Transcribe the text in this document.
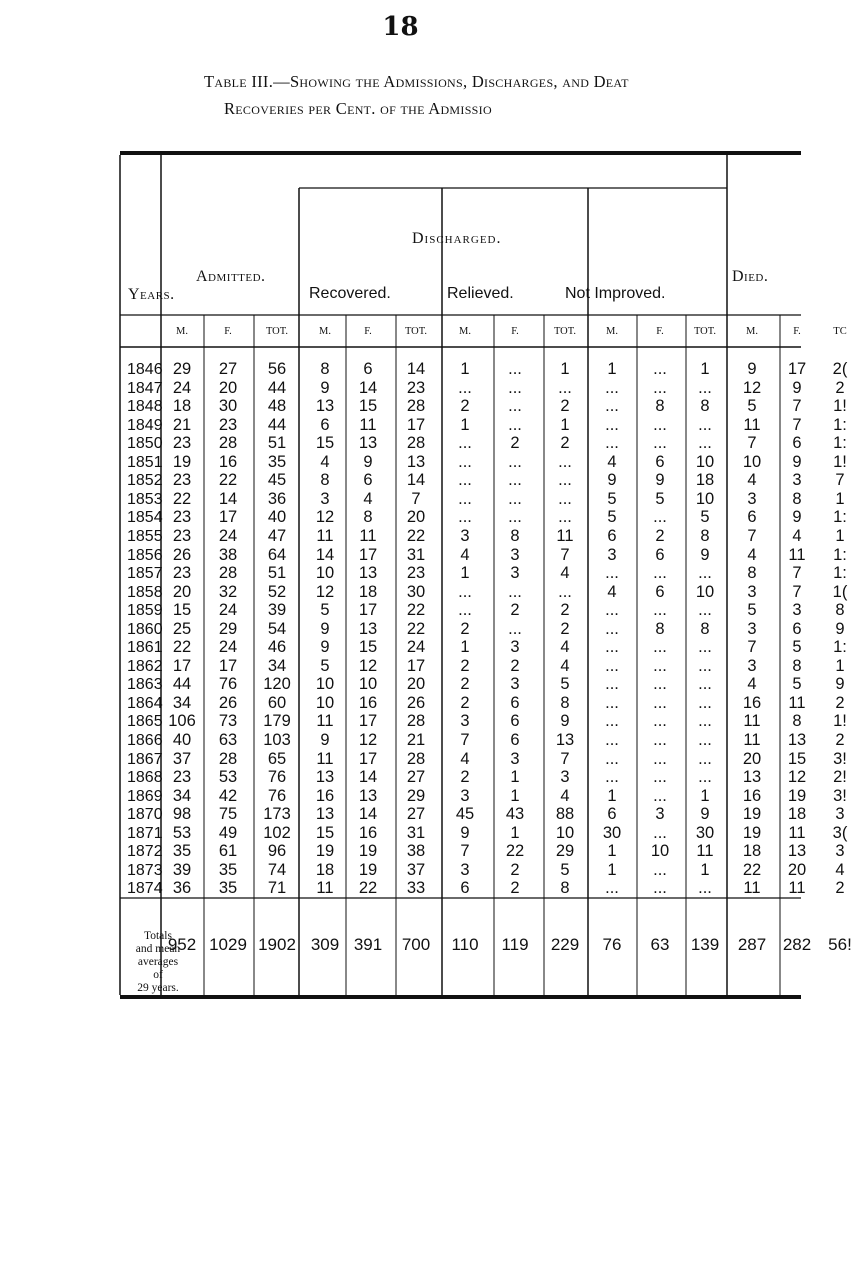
18
Table III.—Showing the Admissions, Discharges, and Deat
Recoveries per Cent. of the Admissio
Years.
Admitted.
Discharged.
Recovered.	Relieved.	Not Improved.
Died.
M.	F.	TOT.	M.	F.	TOT.	M.	F.	TOT.	M.	F.	TOT.	M.	F.	TC
1846 29 27 56 8 6 14 1 ... 1 1 ... 1 9 17 2(
1847 24 20 44 9 14 23 ... ... ... ... ... ... 12 9 2
1848 18 30 48 13 15 28 2 ... 2 ... 8 8 5 7 1!
1849 21 23 44 6 11 17 1 ... 1 ... ... ... 11 7 1:
1850 23 28 51 15 13 28 ... 2 2 ... ... ... 7 6 1:
1851 19 16 35 4 9 13 ... ... ... 4 6 10 10 9 1!
1852 23 22 45 8 6 14 ... ... ... 9 9 18 4 3 7
1853 22 14 36 3 4 7 ... ... ... 5 5 10 3 8 1
1854 23 17 40 12 8 20 ... ... ... 5 ... 5 6 9 1:
1855 23 24 47 11 11 22 3 8 11 6 2 8 7 4 1
1856 26 38 64 14 17 31 4 3 7 3 6 9 4 11 1:
1857 23 28 51 10 13 23 1 3 4 ... ... ... 8 7 1:
1858 20 32 52 12 18 30 ... ... ... 4 6 10 3 7 1(
1859 15 24 39 5 17 22 ... 2 2 ... ... ... 5 3 8
1860 25 29 54 9 13 22 2 ... 2 ... 8 8 3 6 9
1861 22 24 46 9 15 24 1 3 4 ... ... ... 7 5 1:
1862 17 17 34 5 12 17 2 2 4 ... ... ... 3 8 1
1863 44 76 120 10 10 20 2 3 5 ... ... ... 4 5 9
1864 34 26 60 10 16 26 2 6 8 ... ... ... 16 11 2
1865 106 73 179 11 17 28 3 6 9 ... ... ... 11 8 1!
1866 40 63 103 9 12 21 7 6 13 ... ... ... 11 13 2
1867 37 28 65 11 17 28 4 3 7 ... ... ... 20 15 3!
1868 23 53 76 13 14 27 2 1 3 ... ... ... 13 12 2!
1869 34 42 76 16 13 29 3 1 4 1 ... 1 16 19 3!
1870 98 75 173 13 14 27 45 43 88 6 3 9 19 18 3
1871 53 49 102 15 16 31 9 1 10 30 ... 30 19 11 3(
1872 35 61 96 19 19 38 7 22 29 1 10 11 18 13 3
1873 39 35 74 18 19 37 3 2 5 1 ... 1 22 20 4
1874 36 35 71 11 22 33 6 2 8 ... ... ... 11 11 2
Totals
and mean
averages
of
29 years.
952 1029 1902 309 391 700 110 119 229 76 63 139 287 282 56!
